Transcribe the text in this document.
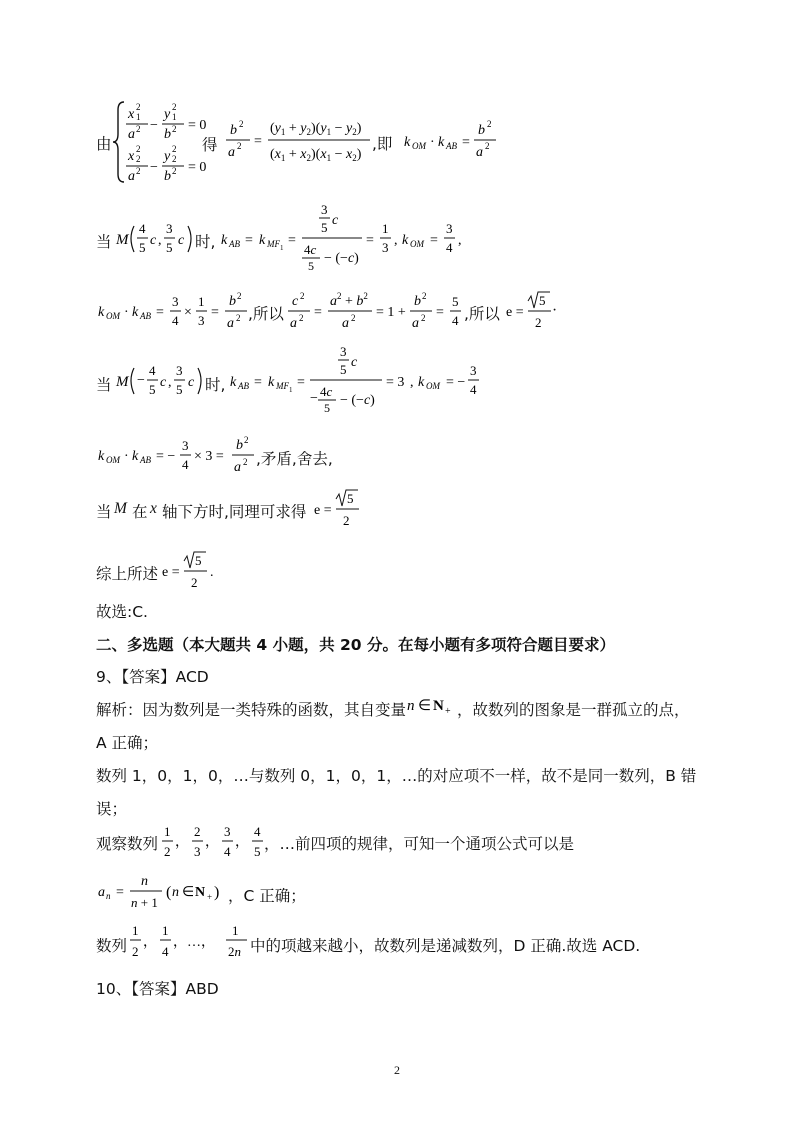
由
x 1
2
a 2 −
y 1
2
b 2 = 0
x 2
2
a 2 −
y 2
2
b 2 = 0
b 2
a 2 =
$(y_1 + y_2)(y_1 - y_2)$
$(x_1 + x_2)(x_1 - x_2)$
k OM · k AB =
b 2
a 2
得	,即
当 M
4
5 c ,
3
5 c	k AB = k MF 1 =
3
5 c
4c
5 − (−c)
=
1
3 , k OM =
3
4 ,
时,
k OM · k AB =
3
4
×
1
3
=
b 2
a 2
c 2
a 2 =
$a^2 + b^2$
a 2 = 1 +
b 2
a 2 =
5
4
,所以	,所以 e =
5
2
·
当 M −
4
5 c ,
3
5 c	k AB = k MF 1 =
3
5 c
− 4c
5 − (−c)
= 3 , k OM = −
3
4
时,
k OM · k AB = −
3
4
× 3 =
b 2
a 2 ,矛盾,舍去,
当 M 在 x 轴下方时,同理可求得 e =
5
2
综上所述 e =
5
2
.
故选:C.
二、多选题（本大题共 4 小题，共 20 分。在每小题有多项符合题目要求）
9、【答案】ACD
解析：因为数列是一类特殊的函数，其自变量 n ∈ N + ，故数列的图象是一群孤立的点，
A 正确；
数列 1，0，1，0，…与数列 0，1，0，1，…的对应项不一样，故不是同一数列，B 错
误；
观察数列
1
2
，
2
3
，
3
4
，
4
5 ，…前四项的规律，可知一个通项公式可以是
a n =
n
n + 1
( n ∈ N + ) ，C 正确；
数列
1
2
，
1
4
，…，
1
2n 中的项越来越小，故数列是递减数列，D 正确.故选 ACD.
10、【答案】ABD
2
